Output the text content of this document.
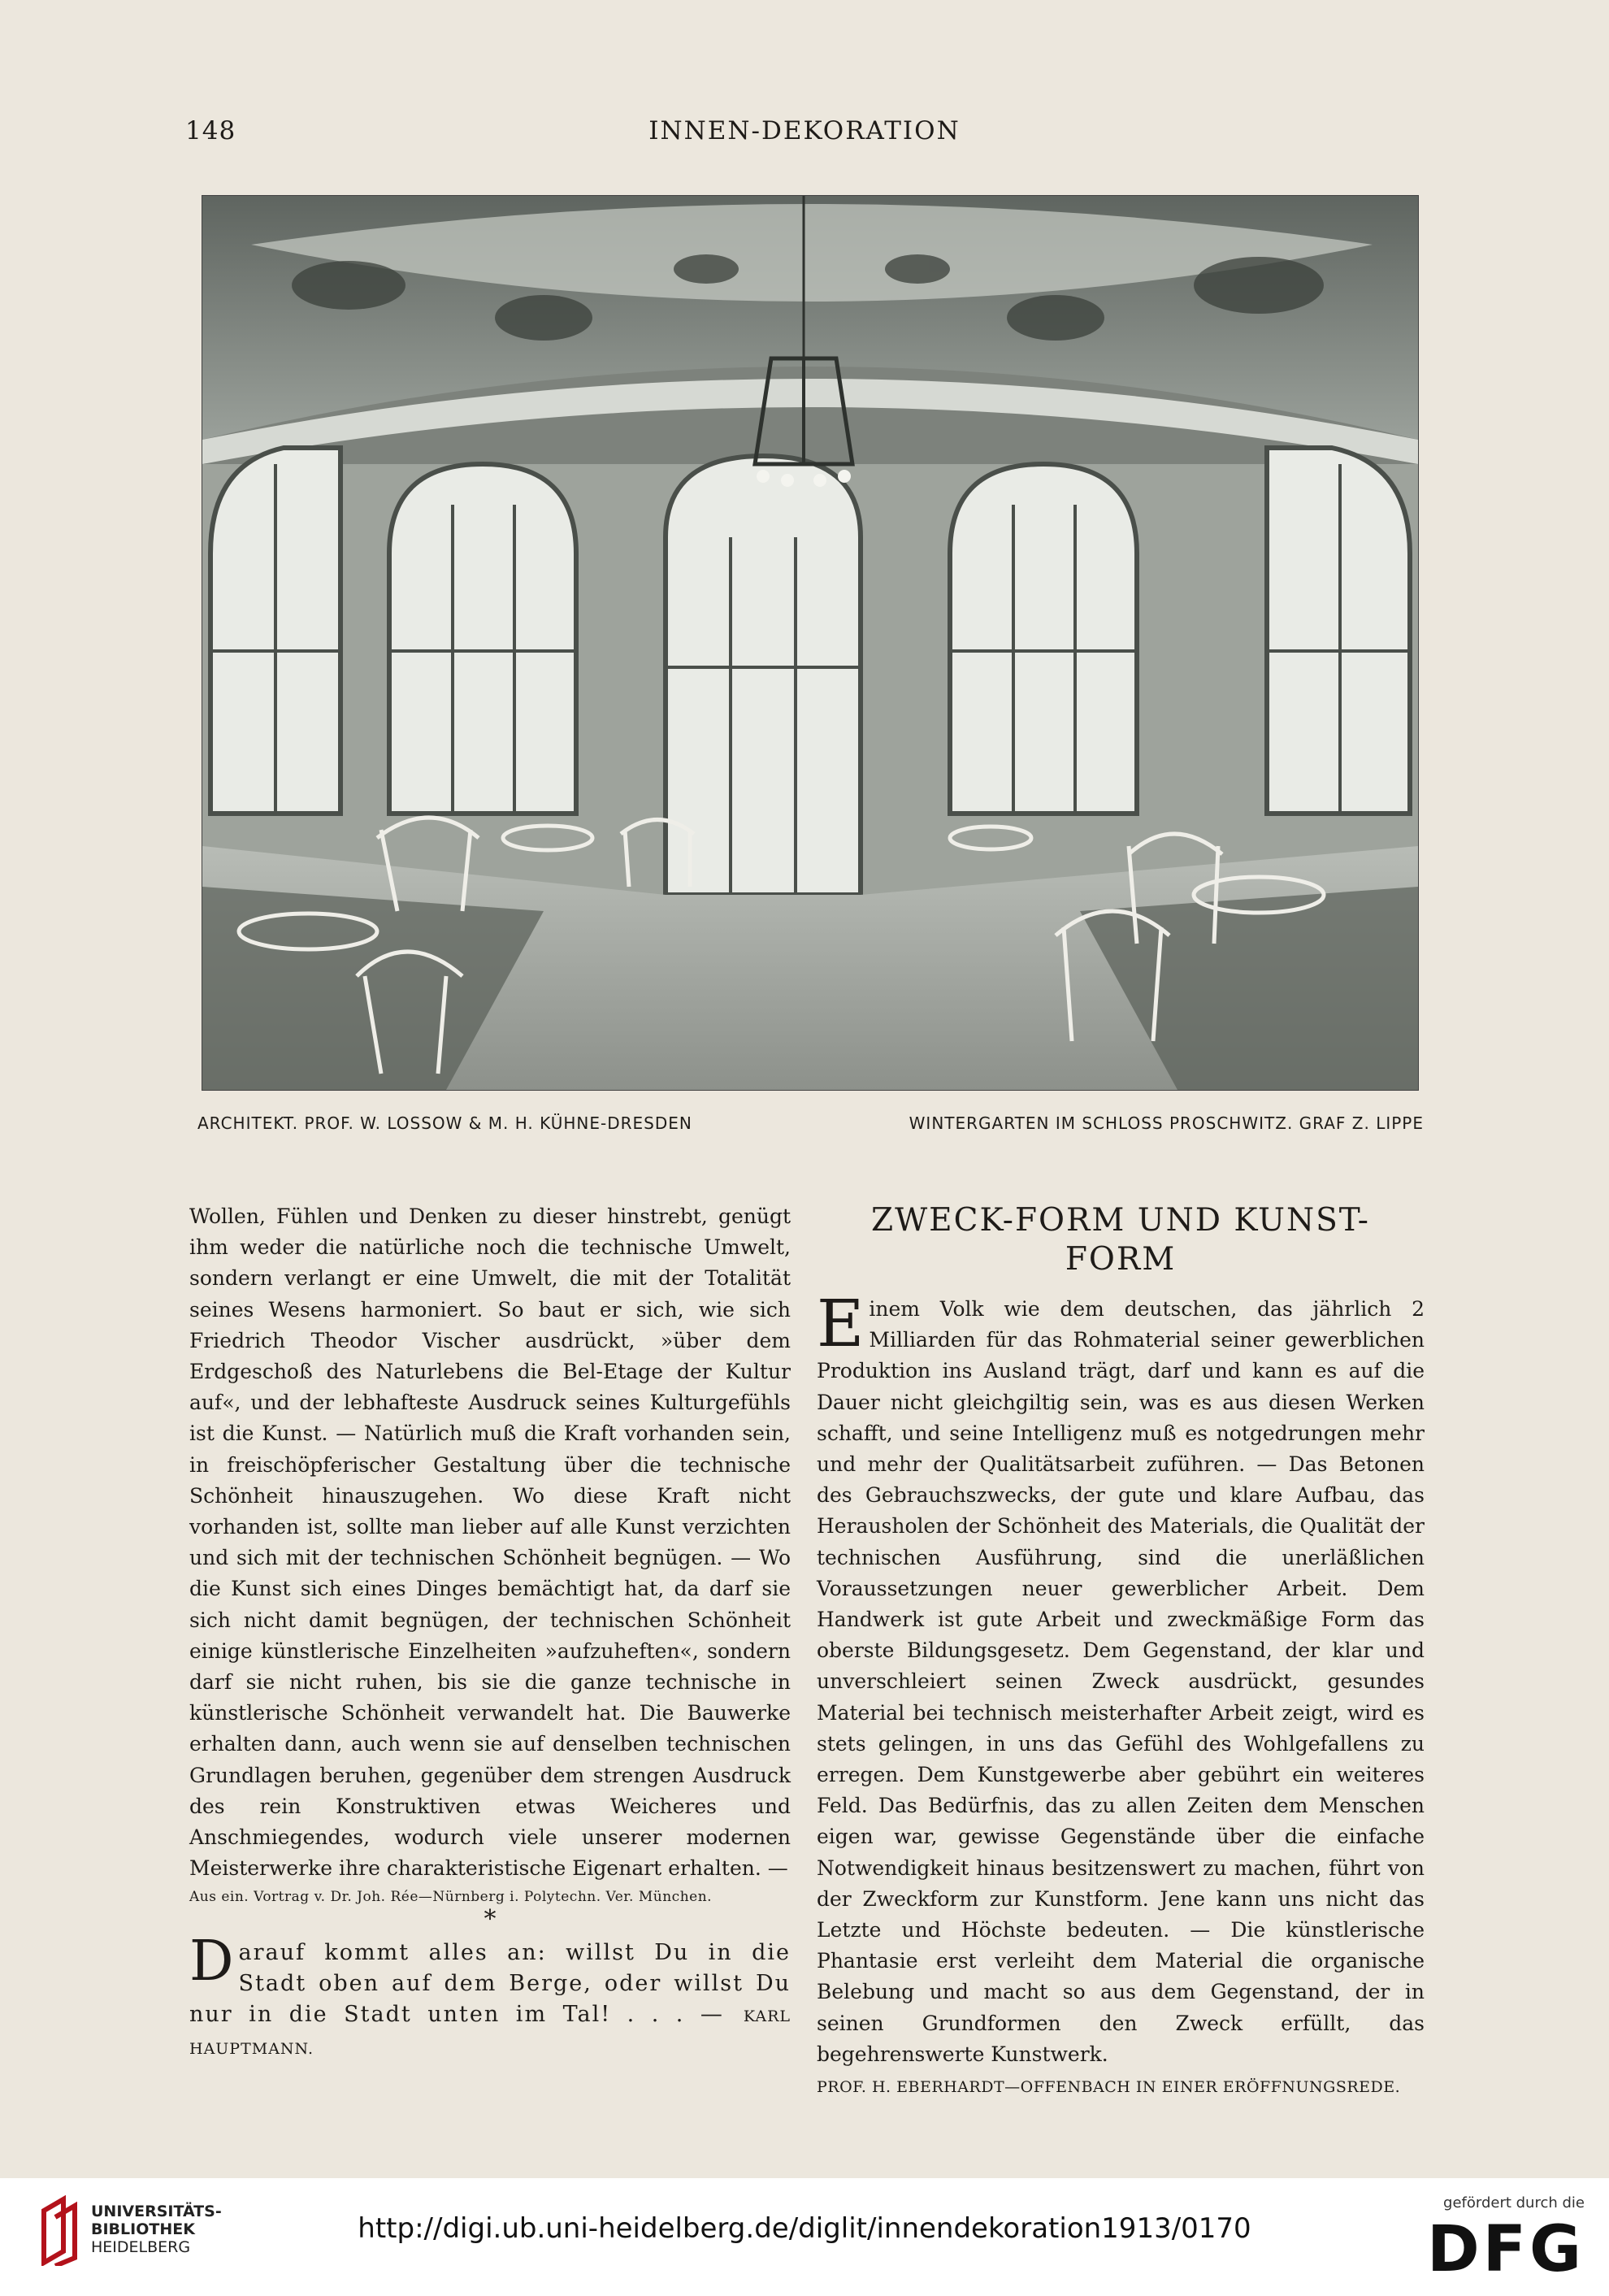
148	INNEN-DEKORATION
ARCHITEKT. PROF. W. LOSSOW & M. H. KÜHNE-DRESDEN	WINTERGARTEN IM SCHLOSS PROSCHWITZ. GRAF Z. LIPPE

Wollen, Fühlen und Denken zu dieser hinstrebt, genügt ihm weder die natürliche noch die technische Umwelt, sondern verlangt er eine Umwelt, die mit der Totalität seines Wesens harmoniert. So baut er sich, wie sich Friedrich Theodor Vischer ausdrückt, »über dem Erdgeschoß des Naturlebens die Bel-Etage der Kultur auf«, und der lebhafteste Ausdruck seines Kulturgefühls ist die Kunst. — Natürlich muß die Kraft vorhanden sein, in freischöpferischer Gestaltung über die technische Schönheit hinauszugehen. Wo diese Kraft nicht vorhanden ist, sollte man lieber auf alle Kunst verzichten und sich mit der technischen Schönheit begnügen. — Wo die Kunst sich eines Dinges bemächtigt hat, da darf sie sich nicht damit begnügen, der technischen Schönheit einige künstlerische Einzelheiten »aufzuheften«, sondern darf sie nicht ruhen, bis sie die ganze technische in künstlerische Schönheit verwandelt hat. Die Bauwerke erhalten dann, auch wenn sie auf denselben technischen Grundlagen beruhen, gegenüber dem strengen Ausdruck des rein Konstruktiven etwas Weicheres und Anschmiegendes, wodurch viele unserer modernen Meisterwerke ihre charakteristische Eigenart erhalten. —

Aus ein. Vortrag v. Dr. Joh. Rée—Nürnberg i. Polytechn. Ver. München.

*

Darauf kommt alles an: willst Du in die Stadt oben auf dem Berge, oder willst Du nur in die Stadt unten im Tal! . . . — KARL HAUPTMANN.

ZWECK-FORM UND KUNST-FORM

Einem Volk wie dem deutschen, das jährlich 2 Milliarden für das Rohmaterial seiner gewerblichen Produktion ins Ausland trägt, darf und kann es auf die Dauer nicht gleichgiltig sein, was es aus diesen Werken schafft, und seine Intelligenz muß es notgedrungen mehr und mehr der Qualitätsarbeit zuführen. — Das Betonen des Gebrauchszwecks, der gute und klare Aufbau, das Herausholen der Schönheit des Materials, die Qualität der technischen Ausführung, sind die unerläßlichen Voraussetzungen neuer gewerblicher Arbeit. Dem Handwerk ist gute Arbeit und zweckmäßige Form das oberste Bildungsgesetz. Dem Gegenstand, der klar und unverschleiert seinen Zweck ausdrückt, gesundes Material bei technisch meisterhafter Arbeit zeigt, wird es stets gelingen, in uns das Gefühl des Wohlgefallens zu erregen. Dem Kunstgewerbe aber gebührt ein weiteres Feld. Das Bedürfnis, das zu allen Zeiten dem Menschen eigen war, gewisse Gegenstände über die einfache Notwendigkeit hinaus besitzenswert zu machen, führt von der Zweckform zur Kunstform. Jene kann uns nicht das Letzte und Höchste bedeuten. — Die künstlerische Phantasie erst verleiht dem Material die organische Belebung und macht so aus dem Gegenstand, der in seinen Grundformen den Zweck erfüllt, das begehrenswerte Kunstwerk.

PROF. H. EBERHARDT—OFFENBACH IN EINER ERÖFFNUNGSREDE.

UNIVERSITÄTS-
BIBLIOTHEK
HEIDELBERG
http://digi.ub.uni-heidelberg.de/diglit/innendekoration1913/0170
gefördert durch die
DFG
